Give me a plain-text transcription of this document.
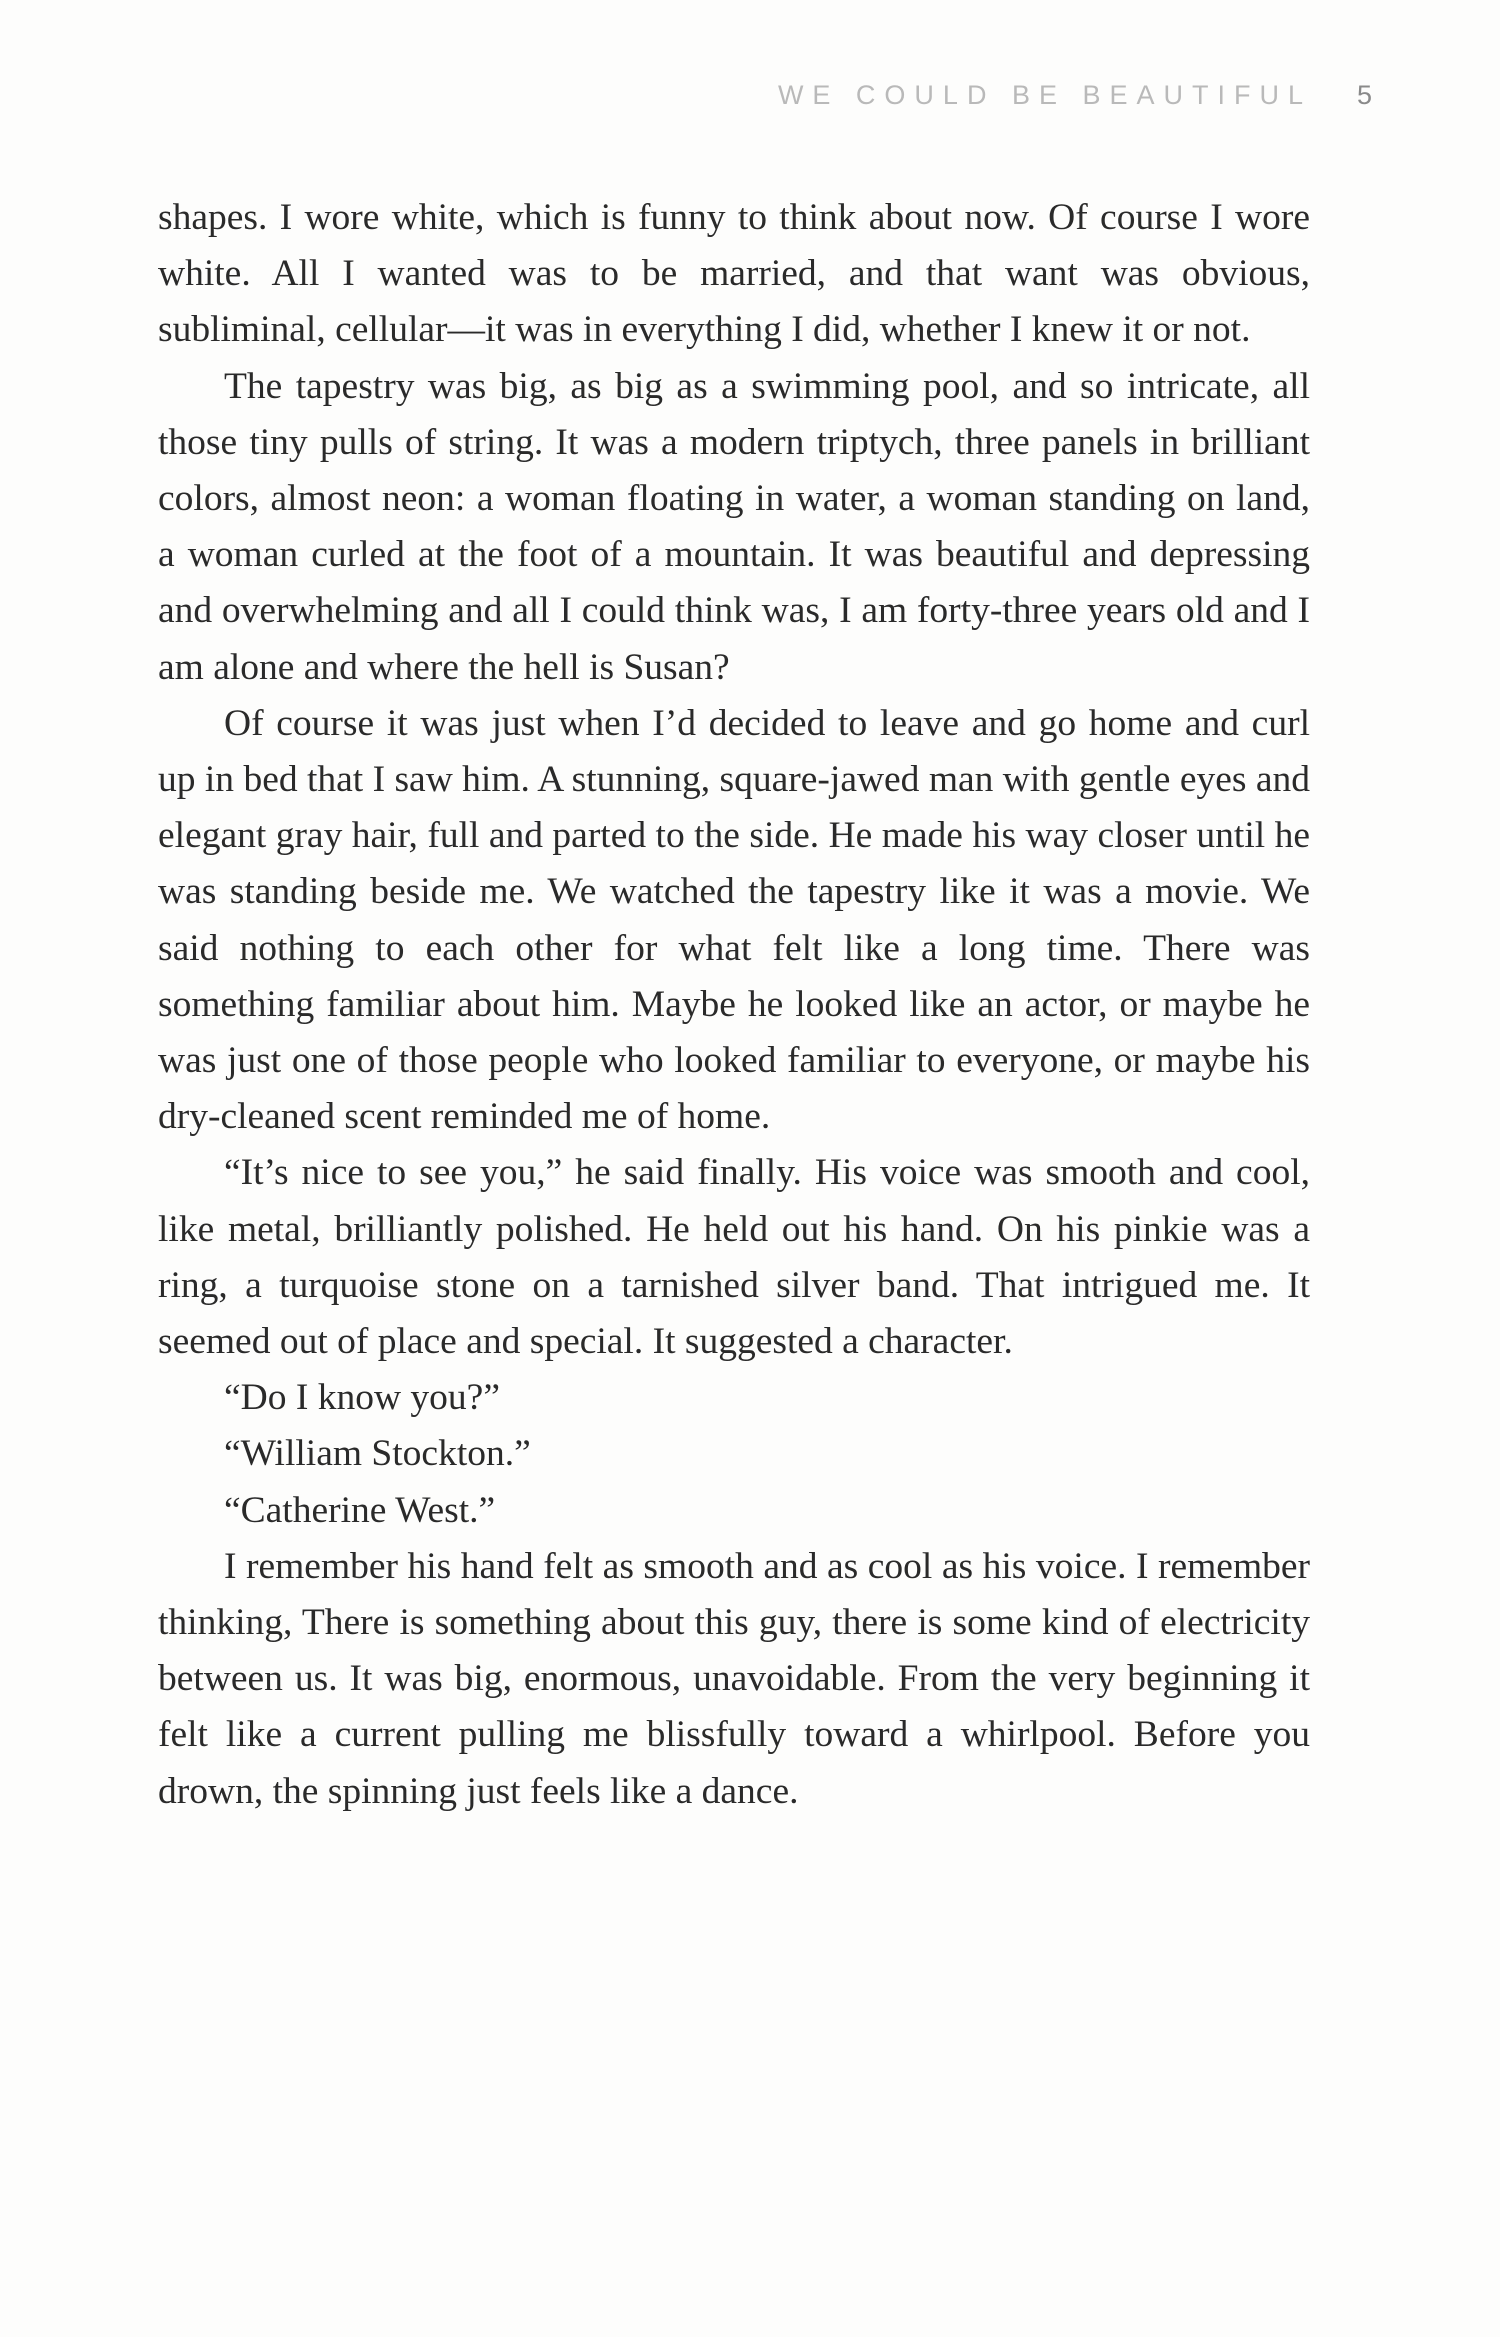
WE COULD BE BEAUTIFUL 5

shapes. I wore white, which is funny to think about now. Of course I wore white. All I wanted was to be married, and that want was obvious, subliminal, cellular—it was in everything I did, whether I knew it or not.

The tapestry was big, as big as a swimming pool, and so intricate, all those tiny pulls of string. It was a modern triptych, three panels in brilliant colors, almost neon: a woman floating in water, a woman standing on land, a woman curled at the foot of a mountain. It was beautiful and depressing and overwhelming and all I could think was, I am forty-three years old and I am alone and where the hell is Susan?

Of course it was just when I’d decided to leave and go home and curl up in bed that I saw him. A stunning, square-jawed man with gentle eyes and elegant gray hair, full and parted to the side. He made his way closer until he was standing beside me. We watched the tapestry like it was a movie. We said nothing to each other for what felt like a long time. There was something familiar about him. Maybe he looked like an actor, or maybe he was just one of those people who looked familiar to everyone, or maybe his dry-cleaned scent reminded me of home.

“It’s nice to see you,” he said finally. His voice was smooth and cool, like metal, brilliantly polished. He held out his hand. On his pinkie was a ring, a turquoise stone on a tarnished silver band. That intrigued me. It seemed out of place and special. It suggested a character.

“Do I know you?”

“William Stockton.”

“Catherine West.”

I remember his hand felt as smooth and as cool as his voice. I remember thinking, There is something about this guy, there is some kind of electricity between us. It was big, enormous, unavoidable. From the very beginning it felt like a current pulling me blissfully toward a whirlpool. Before you drown, the spinning just feels like a dance.
